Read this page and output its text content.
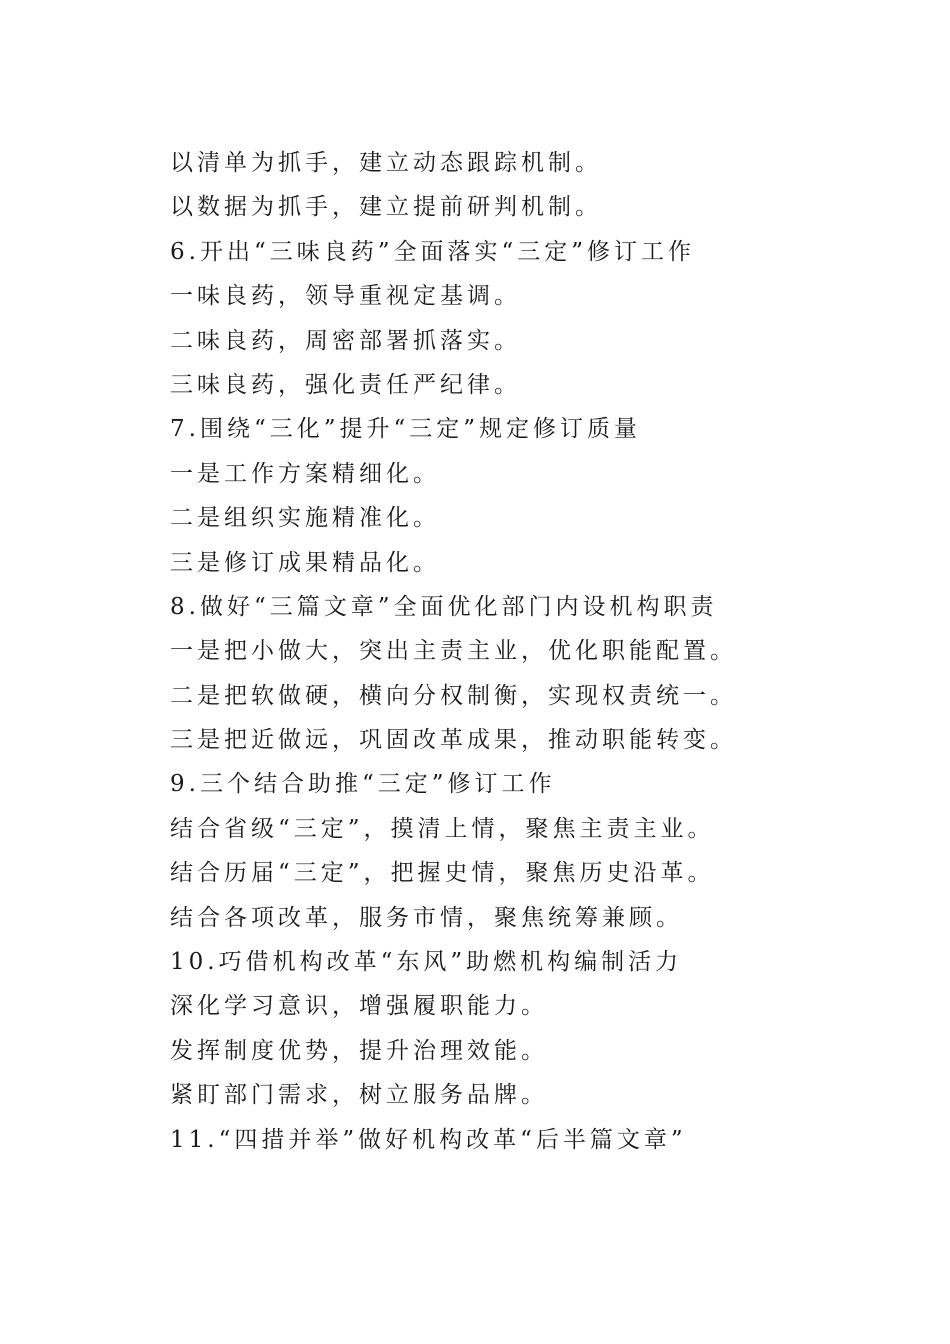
以清单为抓手，建立动态跟踪机制。
以数据为抓手，建立提前研判机制。
6.开出“三味良药”全面落实“三定”修订工作
一味良药，领导重视定基调。
二味良药，周密部署抓落实。
三味良药，强化责任严纪律。
7.围绕“三化”提升“三定”规定修订质量
一是工作方案精细化。
二是组织实施精准化。
三是修订成果精品化。
8.做好“三篇文章”全面优化部门内设机构职责
一是把小做大，突出主责主业，优化职能配置。
二是把软做硬，横向分权制衡，实现权责统一。
三是把近做远，巩固改革成果，推动职能转变。
9.三个结合助推“三定”修订工作
结合省级“三定”，摸清上情，聚焦主责主业。
结合历届“三定”，把握史情，聚焦历史沿革。
结合各项改革，服务市情，聚焦统筹兼顾。
10.巧借机构改革“东风”助燃机构编制活力
深化学习意识，增强履职能力。
发挥制度优势，提升治理效能。
紧盯部门需求，树立服务品牌。
11.“四措并举”做好机构改革“后半篇文章”
